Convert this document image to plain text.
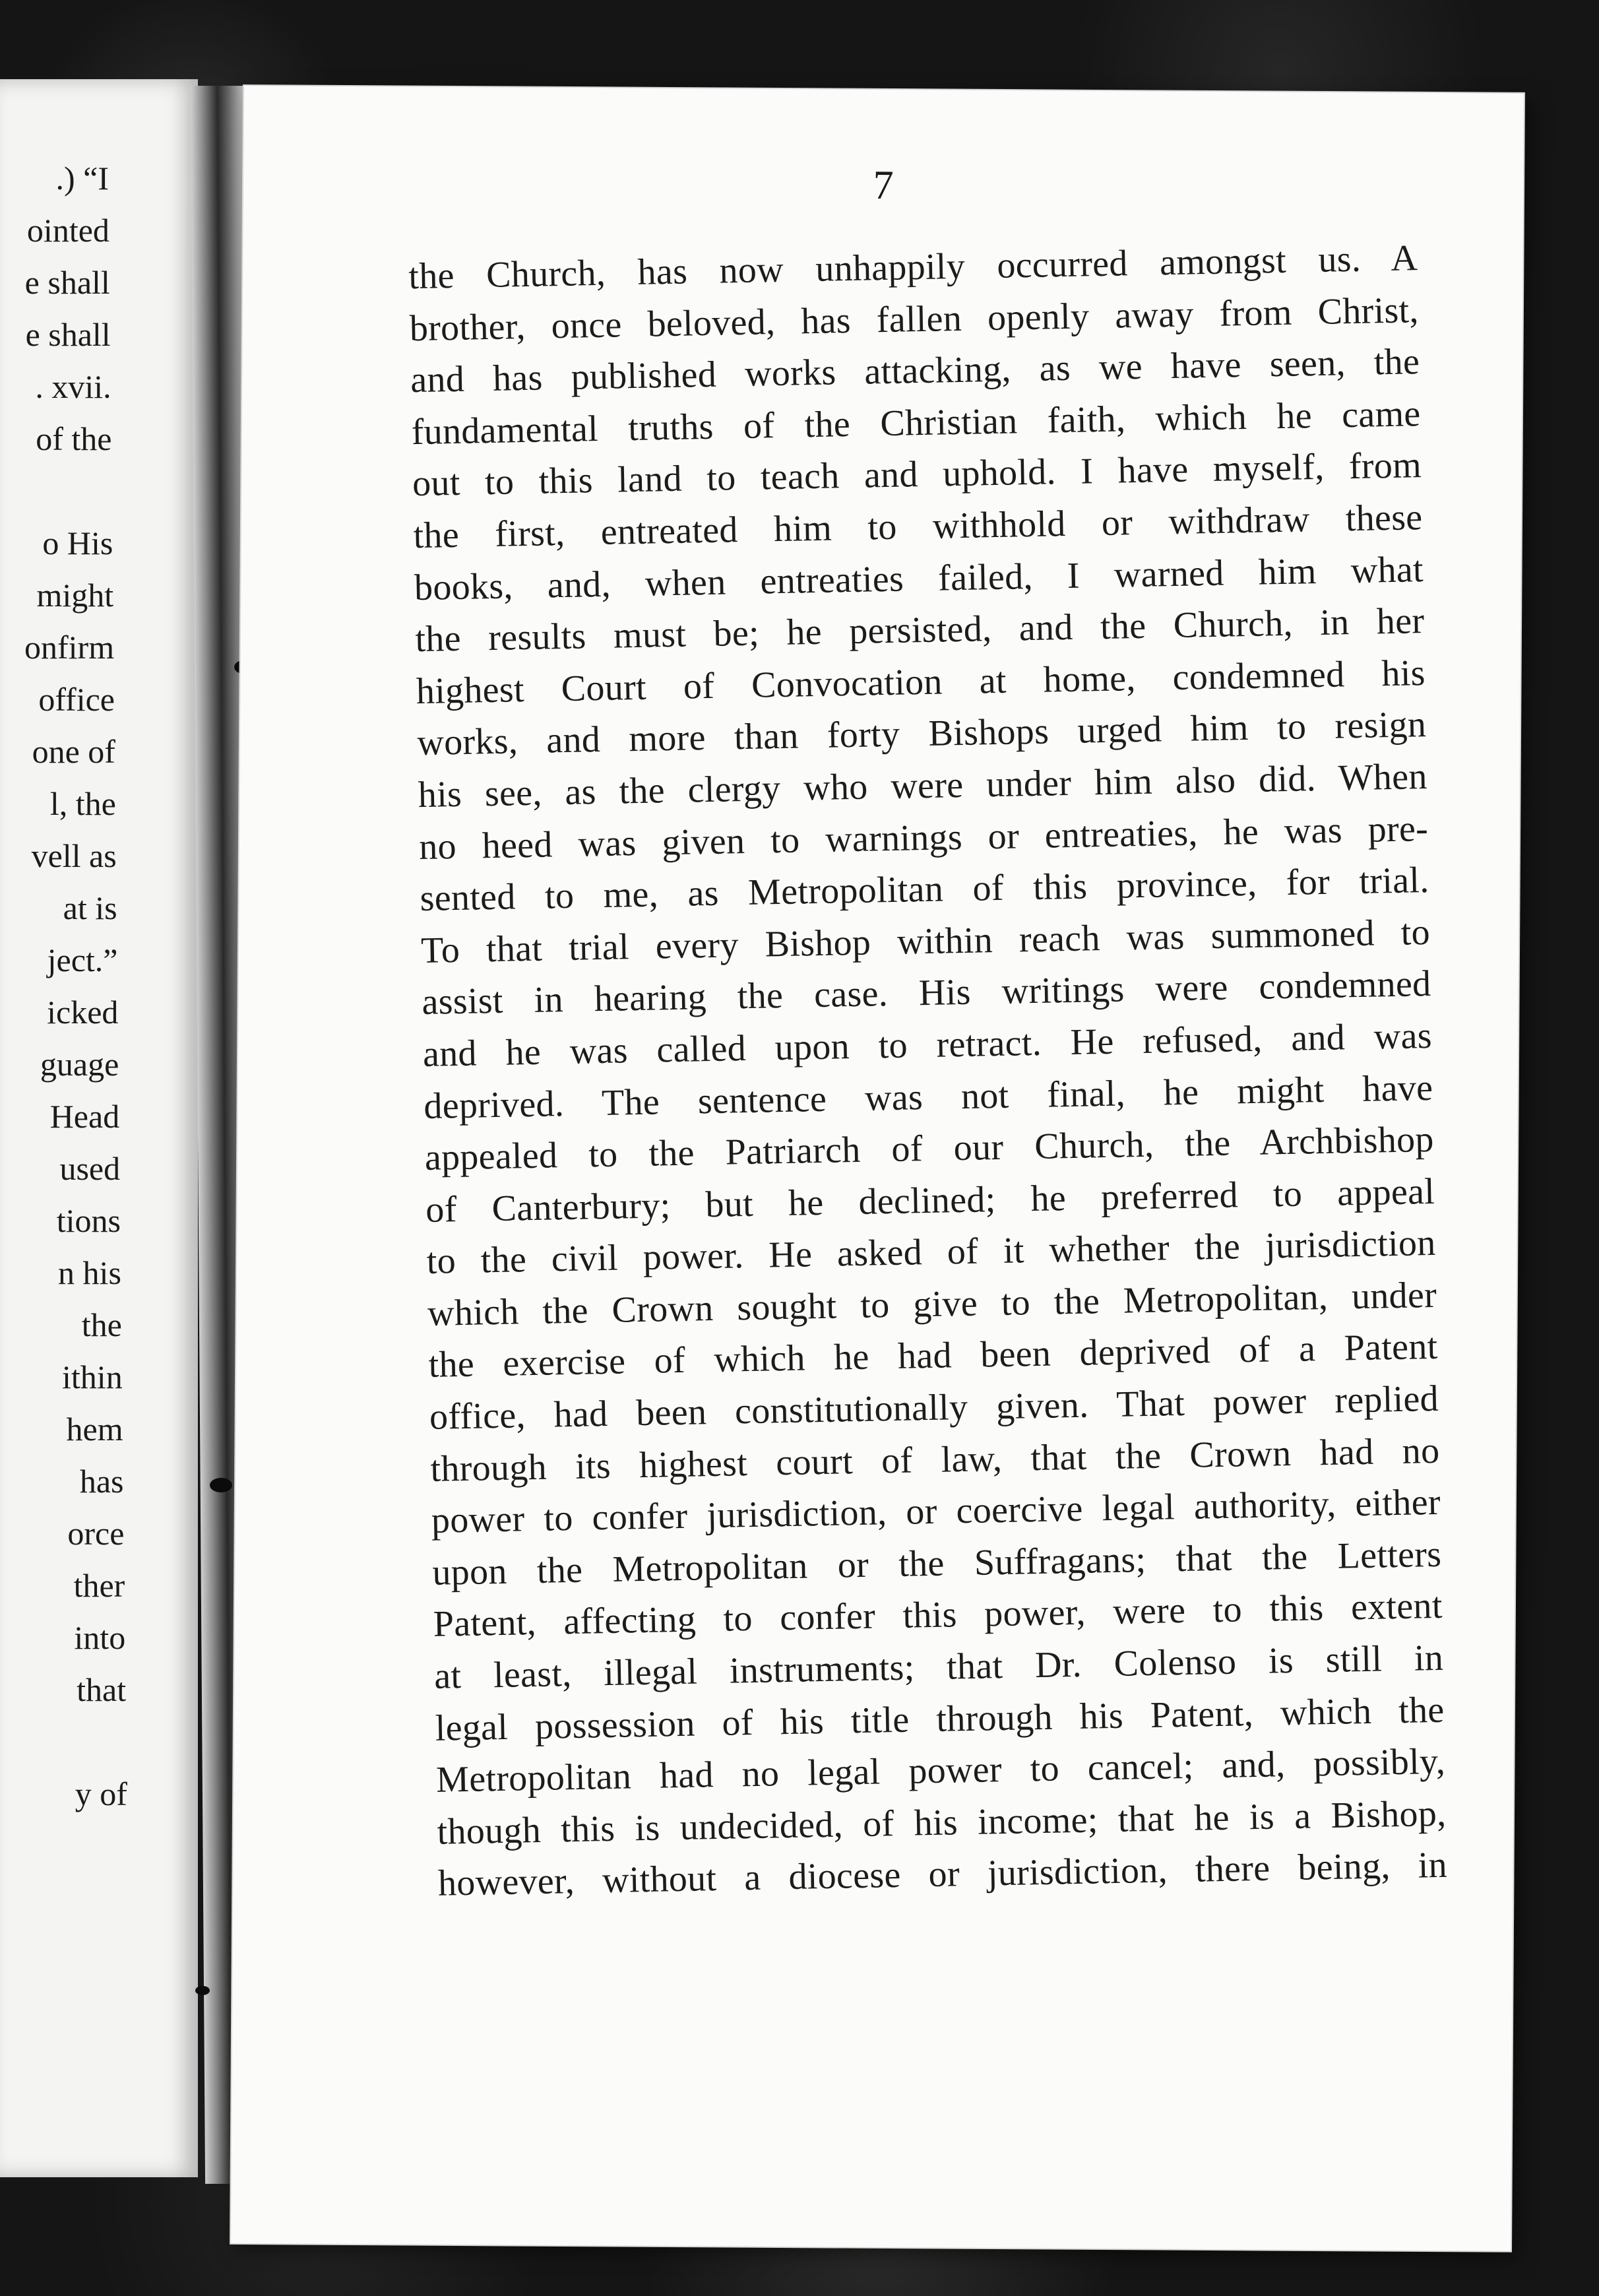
.) “I
ointed
e shall
e shall
. xvii.
of the
o His
might
onfirm
office
one of
l, the
vell as
at is
ject.”
icked
guage
Head
used
tions
n his
the
ithin
hem
has
orce
ther
into
that
y of
7
the Church, has now unhappily occurred amongst us. A
brother, once beloved, has fallen openly away from Christ,
and has published works attacking, as we have seen, the
fundamental truths of the Christian faith, which he came
out to this land to teach and uphold. I have myself, from
the first, entreated him to withhold or withdraw these
books, and, when entreaties failed, I warned him what
the results must be; he persisted, and the Church, in her
highest Court of Convocation at home, condemned his
works, and more than forty Bishops urged him to resign
his see, as the clergy who were under him also did. When
no heed was given to warnings or entreaties, he was pre-
sented to me, as Metropolitan of this province, for trial.
To that trial every Bishop within reach was summoned to
assist in hearing the case. His writings were condemned
and he was called upon to retract. He refused, and was
deprived. The sentence was not final, he might have
appealed to the Patriarch of our Church, the Archbishop
of Canterbury; but he declined; he preferred to appeal
to the civil power. He asked of it whether the jurisdiction
which the Crown sought to give to the Metropolitan, under
the exercise of which he had been deprived of a Patent
office, had been constitutionally given. That power replied
through its highest court of law, that the Crown had no
power to confer jurisdiction, or coercive legal authority, either
upon the Metropolitan or the Suffragans; that the Letters
Patent, affecting to confer this power, were to this extent
at least, illegal instruments; that Dr. Colenso is still in
legal possession of his title through his Patent, which the
Metropolitan had no legal power to cancel; and, possibly,
though this is undecided, of his income; that he is a Bishop,
however, without a diocese or jurisdiction, there being, in
